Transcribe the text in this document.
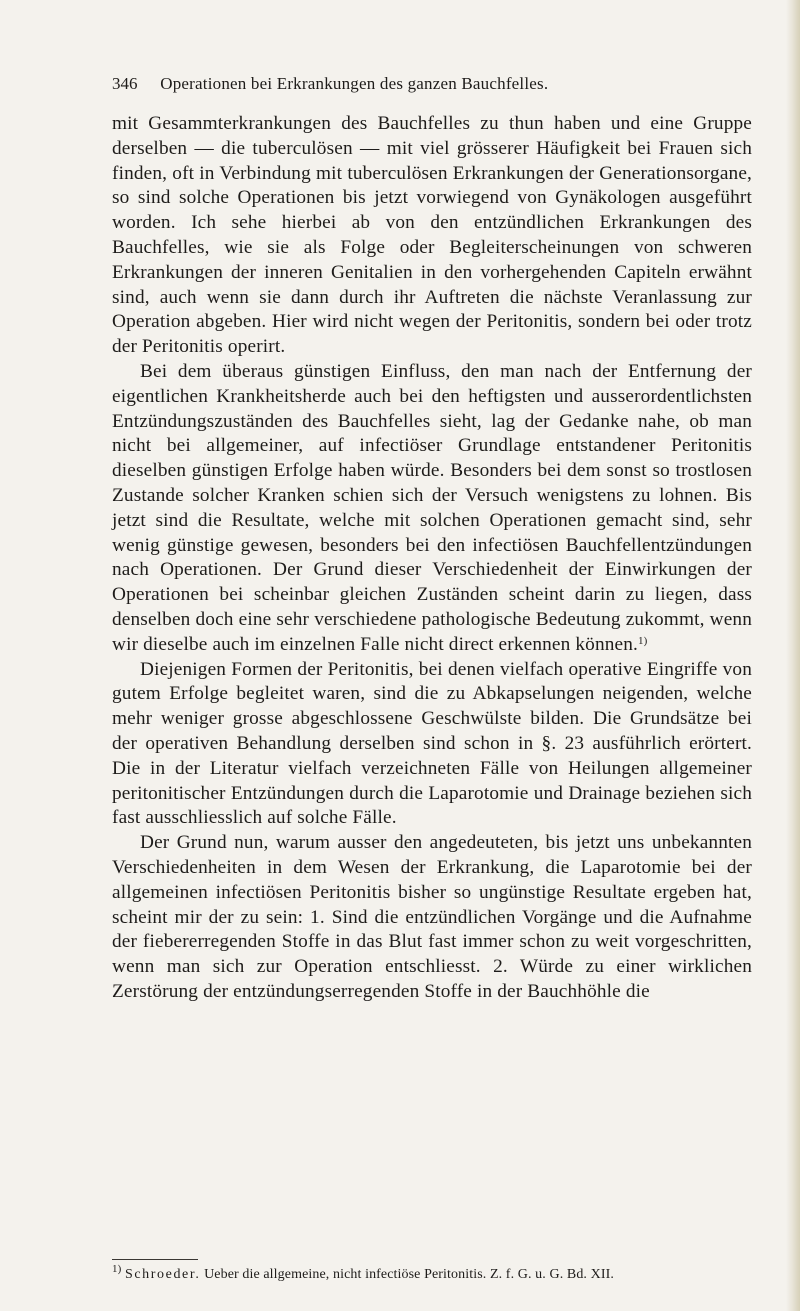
346 Operationen bei Erkrankungen des ganzen Bauchfelles.

mit Gesammterkrankungen des Bauchfelles zu thun haben und eine Gruppe derselben — die tuberculösen — mit viel grösserer Häufigkeit bei Frauen sich finden, oft in Verbindung mit tuberculösen Erkrankungen der Generationsorgane, so sind solche Operationen bis jetzt vorwiegend von Gynäkologen ausgeführt worden. Ich sehe hierbei ab von den entzündlichen Erkrankungen des Bauchfelles, wie sie als Folge oder Begleiterscheinungen von schweren Erkrankungen der inneren Genitalien in den vorhergehenden Capiteln erwähnt sind, auch wenn sie dann durch ihr Auftreten die nächste Veranlassung zur Operation abgeben. Hier wird nicht wegen der Peritonitis, sondern bei oder trotz der Peritonitis operirt.

Bei dem überaus günstigen Einfluss, den man nach der Entfernung der eigentlichen Krankheitsherde auch bei den heftigsten und ausserordentlichsten Entzündungszuständen des Bauchfelles sieht, lag der Gedanke nahe, ob man nicht bei allgemeiner, auf infectiöser Grundlage entstandener Peritonitis dieselben günstigen Erfolge haben würde. Besonders bei dem sonst so trostlosen Zustande solcher Kranken schien sich der Versuch wenigstens zu lohnen. Bis jetzt sind die Resultate, welche mit solchen Operationen gemacht sind, sehr wenig günstige gewesen, besonders bei den infectiösen Bauchfellentzündungen nach Operationen. Der Grund dieser Verschiedenheit der Einwirkungen der Operationen bei scheinbar gleichen Zuständen scheint darin zu liegen, dass denselben doch eine sehr verschiedene pathologische Bedeutung zukommt, wenn wir dieselbe auch im einzelnen Falle nicht direct erkennen können.$^{1)}$

Diejenigen Formen der Peritonitis, bei denen vielfach operative Eingriffe von gutem Erfolge begleitet waren, sind die zu Abkapselungen neigenden, welche mehr weniger grosse abgeschlossene Geschwülste bilden. Die Grundsätze bei der operativen Behandlung derselben sind schon in §. 23 ausführlich erörtert. Die in der Literatur vielfach verzeichneten Fälle von Heilungen allgemeiner peritonitischer Entzündungen durch die Laparotomie und Drainage beziehen sich fast ausschliesslich auf solche Fälle.

Der Grund nun, warum ausser den angedeuteten, bis jetzt uns unbekannten Verschiedenheiten in dem Wesen der Erkrankung, die Laparotomie bei der allgemeinen infectiösen Peritonitis bisher so ungünstige Resultate ergeben hat, scheint mir der zu sein: 1. Sind die entzündlichen Vorgänge und die Aufnahme der fiebererregenden Stoffe in das Blut fast immer schon zu weit vorgeschritten, wenn man sich zur Operation entschliesst. 2. Würde zu einer wirklichen Zerstörung der entzündungserregenden Stoffe in der Bauchhöhle die

$^{1)}$ Schroeder. Ueber die allgemeine, nicht infectiöse Peritonitis. Z. f. G. u. G. Bd. XII.
